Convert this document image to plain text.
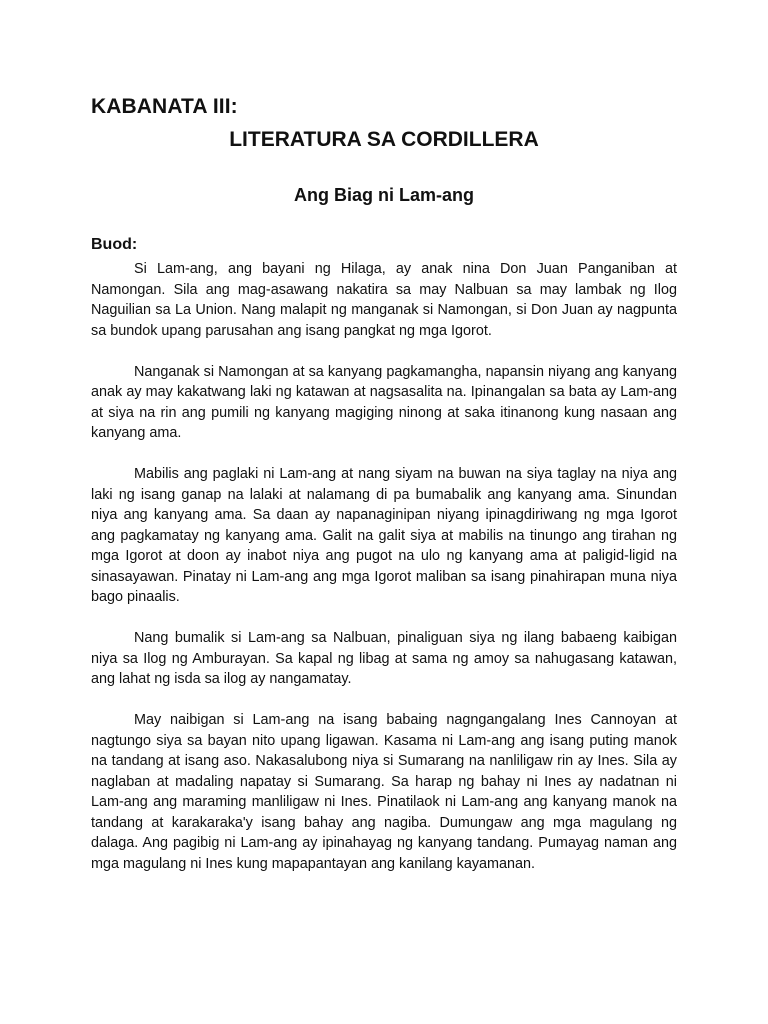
KABANATA III:
LITERATURA SA CORDILLERA
Ang Biag ni Lam-ang
Buod:

Si Lam-ang, ang bayani ng Hilaga, ay anak nina Don Juan Panganiban at Namongan. Sila ang mag-asawang nakatira sa may Nalbuan sa may lambak ng Ilog Naguilian sa La Union. Nang malapit ng manganak si Namongan, si Don Juan ay nagpunta sa bundok upang parusahan ang isang pangkat ng mga Igorot.

Nanganak si Namongan at sa kanyang pagkamangha, napansin niyang ang kanyang anak ay may kakatwang laki ng katawan at nagsasalita na. Ipinangalan sa bata ay Lam-ang at siya na rin ang pumili ng kanyang magiging ninong at saka itinanong kung nasaan ang kanyang ama.

Mabilis ang paglaki ni Lam-ang at nang siyam na buwan na siya taglay na niya ang laki ng isang ganap na lalaki at nalamang di pa bumabalik ang kanyang ama. Sinundan niya ang kanyang ama. Sa daan ay napanaginipan niyang ipinagdiriwang ng mga Igorot ang pagkamatay ng kanyang ama. Galit na galit siya at mabilis na tinungo ang tirahan ng mga Igorot at doon ay inabot niya ang pugot na ulo ng kanyang ama at paligid-ligid na sinasayawan. Pinatay ni Lam-ang ang mga Igorot maliban sa isang pinahirapan muna niya bago pinaalis.

Nang bumalik si Lam-ang sa Nalbuan, pinaliguan siya ng ilang babaeng kaibigan niya sa Ilog ng Amburayan. Sa kapal ng libag at sama ng amoy sa nahugasang katawan, ang lahat ng isda sa ilog ay nangamatay.

May naibigan si Lam-ang na isang babaing nagngangalang Ines Cannoyan at nagtungo siya sa bayan nito upang ligawan. Kasama ni Lam-ang ang isang puting manok na tandang at isang aso. Nakasalubong niya si Sumarang na nanliligaw rin ay Ines. Sila ay naglaban at madaling napatay si Sumarang. Sa harap ng bahay ni Ines ay nadatnan ni Lam-ang ang maraming manliligaw ni Ines. Pinatilaok ni Lam-ang ang kanyang manok na tandang at karakaraka'y isang bahay ang nagiba. Dumungaw ang mga magulang ng dalaga. Ang pagibig ni Lam-ang ay ipinahayag ng kanyang tandang. Pumayag naman ang mga magulang ni Ines kung mapapantayan ang kanilang kayamanan.
